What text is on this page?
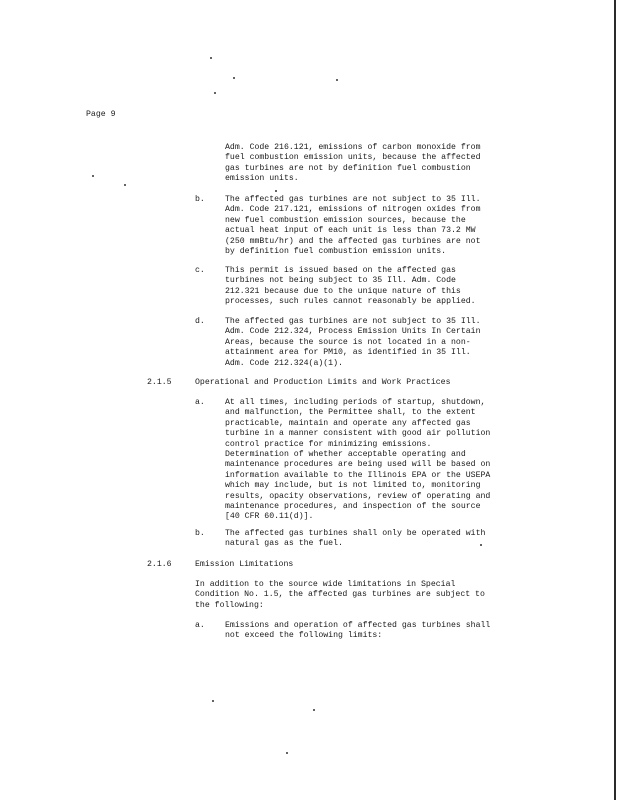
Page 9
Adm. Code 216.121, emissions of carbon monoxide from
fuel combustion emission units, because the affected
gas turbines are not by definition fuel combustion
emission units.
b. The affected gas turbines are not subject to 35 Ill.
Adm. Code 217.121, emissions of nitrogen oxides from
new fuel combustion emission sources, because the
actual heat input of each unit is less than 73.2 MW
(250 mmBtu/hr) and the affected gas turbines are not
by definition fuel combustion emission units.
c. This permit is issued based on the affected gas
turbines not being subject to 35 Ill. Adm. Code
212.321 because due to the unique nature of this
processes, such rules cannot reasonably be applied.
d. The affected gas turbines are not subject to 35 Ill.
Adm. Code 212.324, Process Emission Units In Certain
Areas, because the source is not located in a non-
attainment area for PM10, as identified in 35 Ill.
Adm. Code 212.324(a)(1).
2.1.5	Operational and Production Limits and Work Practices
a. At all times, including periods of startup, shutdown,
and malfunction, the Permittee shall, to the extent
practicable, maintain and operate any affected gas
turbine in a manner consistent with good air pollution
control practice for minimizing emissions.
Determination of whether acceptable operating and
maintenance procedures are being used will be based on
information available to the Illinois EPA or the USEPA
which may include, but is not limited to, monitoring
results, opacity observations, review of operating and
maintenance procedures, and inspection of the source
[40 CFR 60.11(d)].
b. The affected gas turbines shall only be operated with
natural gas as the fuel.
2.1.6	Emission Limitations
In addition to the source wide limitations in Special
Condition No. 1.5, the affected gas turbines are subject to
the following:
a. Emissions and operation of affected gas turbines shall
not exceed the following limits:
